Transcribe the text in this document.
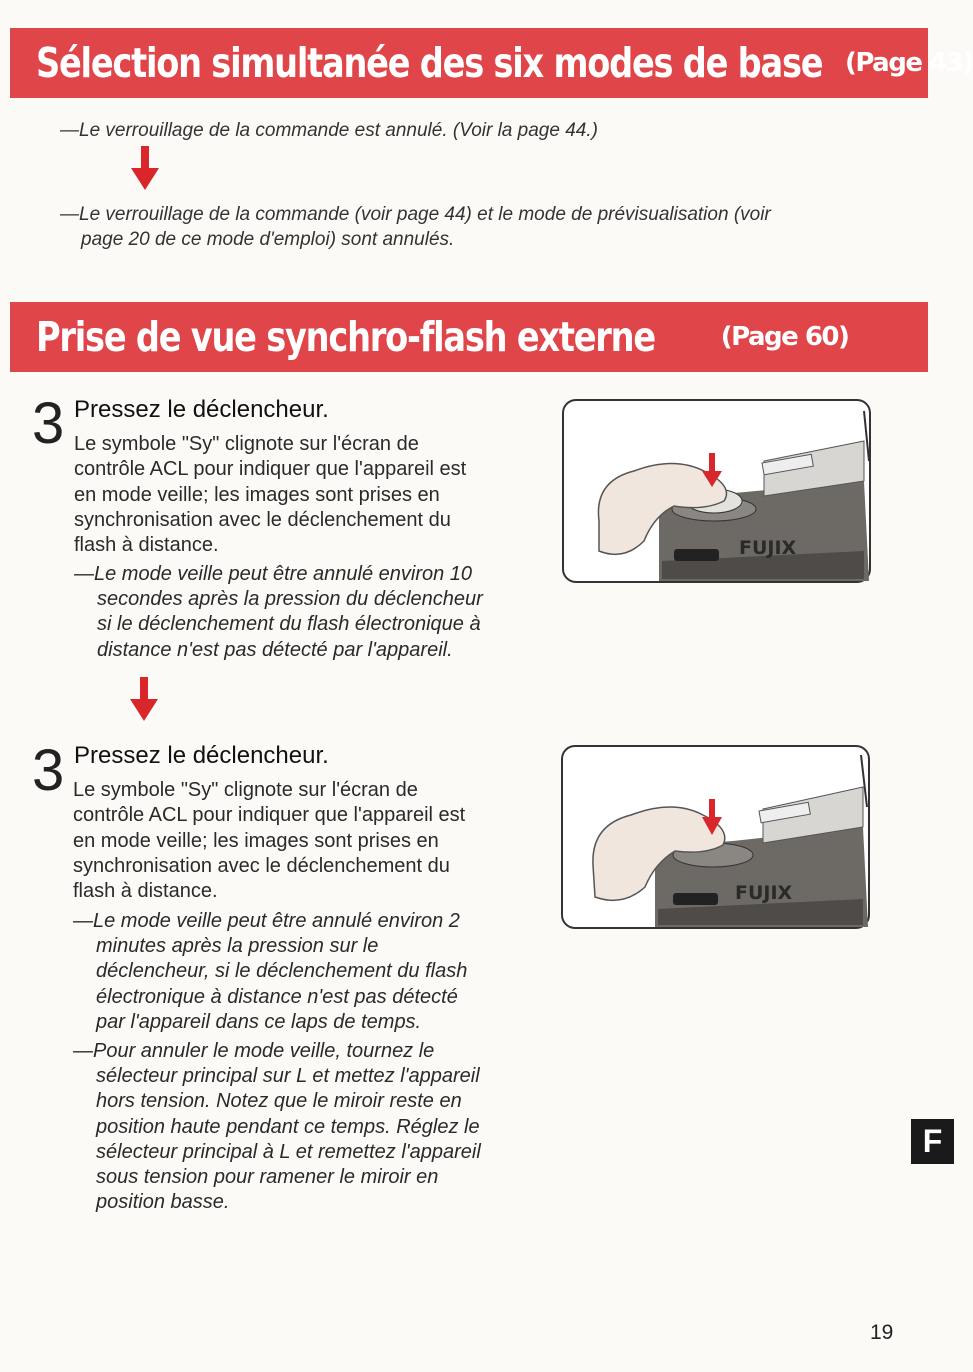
Sélection simultanée des six modes de base (Page 43)
—Le verrouillage de la commande est annulé. (Voir la page 44.)
—Le verrouillage de la commande (voir page 44) et le mode de prévisualisation (voir
page 20 de ce mode d'emploi) sont annulés.
Prise de vue synchro-flash externe	(Page 60)
3 Pressez le déclencheur.
Le symbole "Sy" clignote sur l'écran de
contrôle ACL pour indiquer que l'appareil est
en mode veille; les images sont prises en
synchronisation avec le déclenchement du
flash à distance.
—Le mode veille peut être annulé environ 10
secondes après la pression du déclencheur
si le déclenchement du flash électronique à
distance n'est pas détecté par l'appareil.
FUJIX
3 Pressez le déclencheur.
Le symbole "Sy" clignote sur l'écran de
contrôle ACL pour indiquer que l'appareil est
en mode veille; les images sont prises en
synchronisation avec le déclenchement du
flash à distance.
—Le mode veille peut être annulé environ 2
minutes après la pression sur le
déclencheur, si le déclenchement du flash
électronique à distance n'est pas détecté
par l'appareil dans ce laps de temps.
—Pour annuler le mode veille, tournez le
sélecteur principal sur L et mettez l'appareil
hors tension. Notez que le miroir reste en
position haute pendant ce temps. Réglez le
sélecteur principal à L et remettez l'appareil
sous tension pour ramener le miroir en
position basse.
FUJIX
F
19
